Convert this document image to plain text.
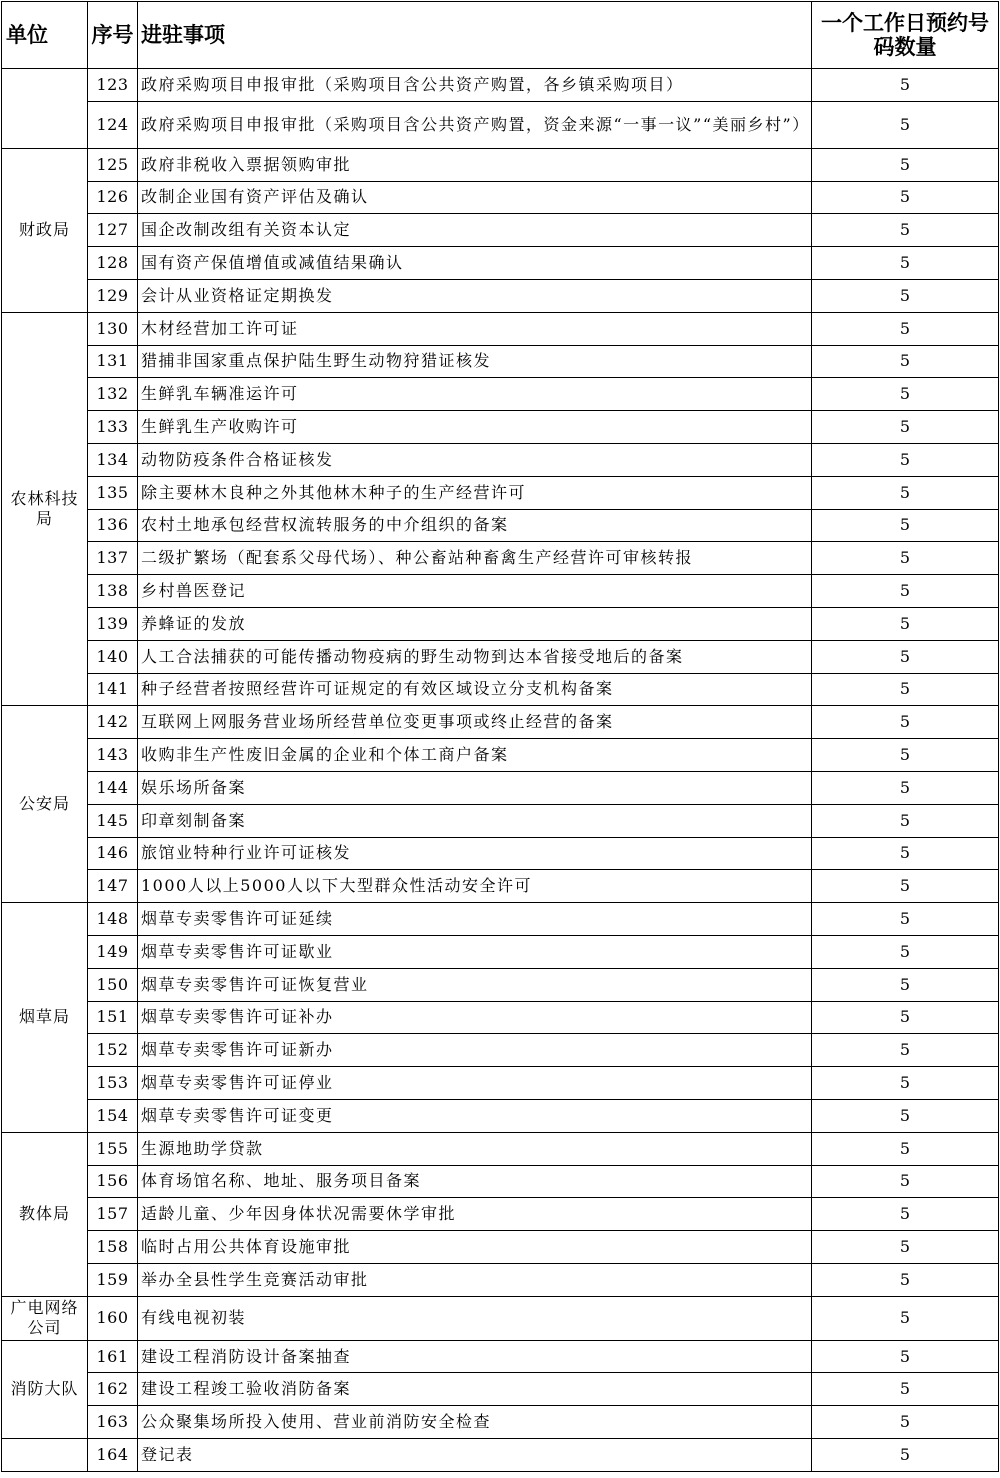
单位	序号	进驻事项	一个工作日预约号码数量
	123	政府采购项目申报审批（采购项目含公共资产购置，各乡镇采购项目）	5
	124	政府采购项目申报审批（采购项目含公共资产购置，资金来源“一事一议”“美丽乡村”）	5
财政局	125	政府非税收入票据领购审批	5
	126	改制企业国有资产评估及确认	5
	127	国企改制改组有关资本认定	5
	128	国有资产保值增值或减值结果确认	5
	129	会计从业资格证定期换发	5
农林科技局	130	木材经营加工许可证	5
	131	猎捕非国家重点保护陆生野生动物狩猎证核发	5
	132	生鲜乳车辆准运许可	5
	133	生鲜乳生产收购许可	5
	134	动物防疫条件合格证核发	5
	135	除主要林木良种之外其他林木种子的生产经营许可	5
	136	农村土地承包经营权流转服务的中介组织的备案	5
	137	二级扩繁场（配套系父母代场）、种公畜站种畜禽生产经营许可审核转报	5
	138	乡村兽医登记	5
	139	养蜂证的发放	5
	140	人工合法捕获的可能传播动物疫病的野生动物到达本省接受地后的备案	5
	141	种子经营者按照经营许可证规定的有效区域设立分支机构备案	5
公安局	142	互联网上网服务营业场所经营单位变更事项或终止经营的备案	5
	143	收购非生产性废旧金属的企业和个体工商户备案	5
	144	娱乐场所备案	5
	145	印章刻制备案	5
	146	旅馆业特种行业许可证核发	5
	147	1000人以上5000人以下大型群众性活动安全许可	5
烟草局	148	烟草专卖零售许可证延续	5
	149	烟草专卖零售许可证歇业	5
	150	烟草专卖零售许可证恢复营业	5
	151	烟草专卖零售许可证补办	5
	152	烟草专卖零售许可证新办	5
	153	烟草专卖零售许可证停业	5
	154	烟草专卖零售许可证变更	5
教体局	155	生源地助学贷款	5
	156	体育场馆名称、地址、服务项目备案	5
	157	适龄儿童、少年因身体状况需要休学审批	5
	158	临时占用公共体育设施审批	5
	159	举办全县性学生竞赛活动审批	5
广电网络公司	160	有线电视初装	5
消防大队	161	建设工程消防设计备案抽查	5
	162	建设工程竣工验收消防备案	5
	163	公众聚集场所投入使用、营业前消防安全检查	5
	164	登记表	5
